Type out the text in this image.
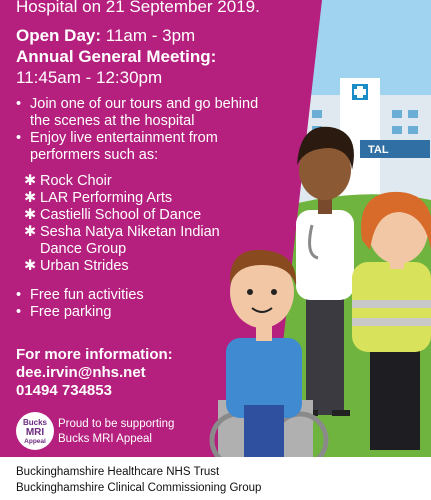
TAL
Hospital on 21 September 2019.
Open Day: 11am - 3pm
Annual General Meeting:
11:45am - 12:30pm
• Join one of our tours and go behind
the scenes at the hospital
• Enjoy live entertainment from
performers such as:
✱ Rock Choir
✱ LAR Performing Arts
✱ Castielli School of Dance
✱ Sesha Natya Niketan Indian
Dance Group
✱ Urban Strides
• Free fun activities
• Free parking
For more information:
dee.irvin@nhs.net
01494 734853
Bucks
MRI
Appeal
Proud to be supporting
Bucks MRI Appeal
Buckinghamshire Healthcare NHS Trust
Buckinghamshire Clinical Commissioning Group
